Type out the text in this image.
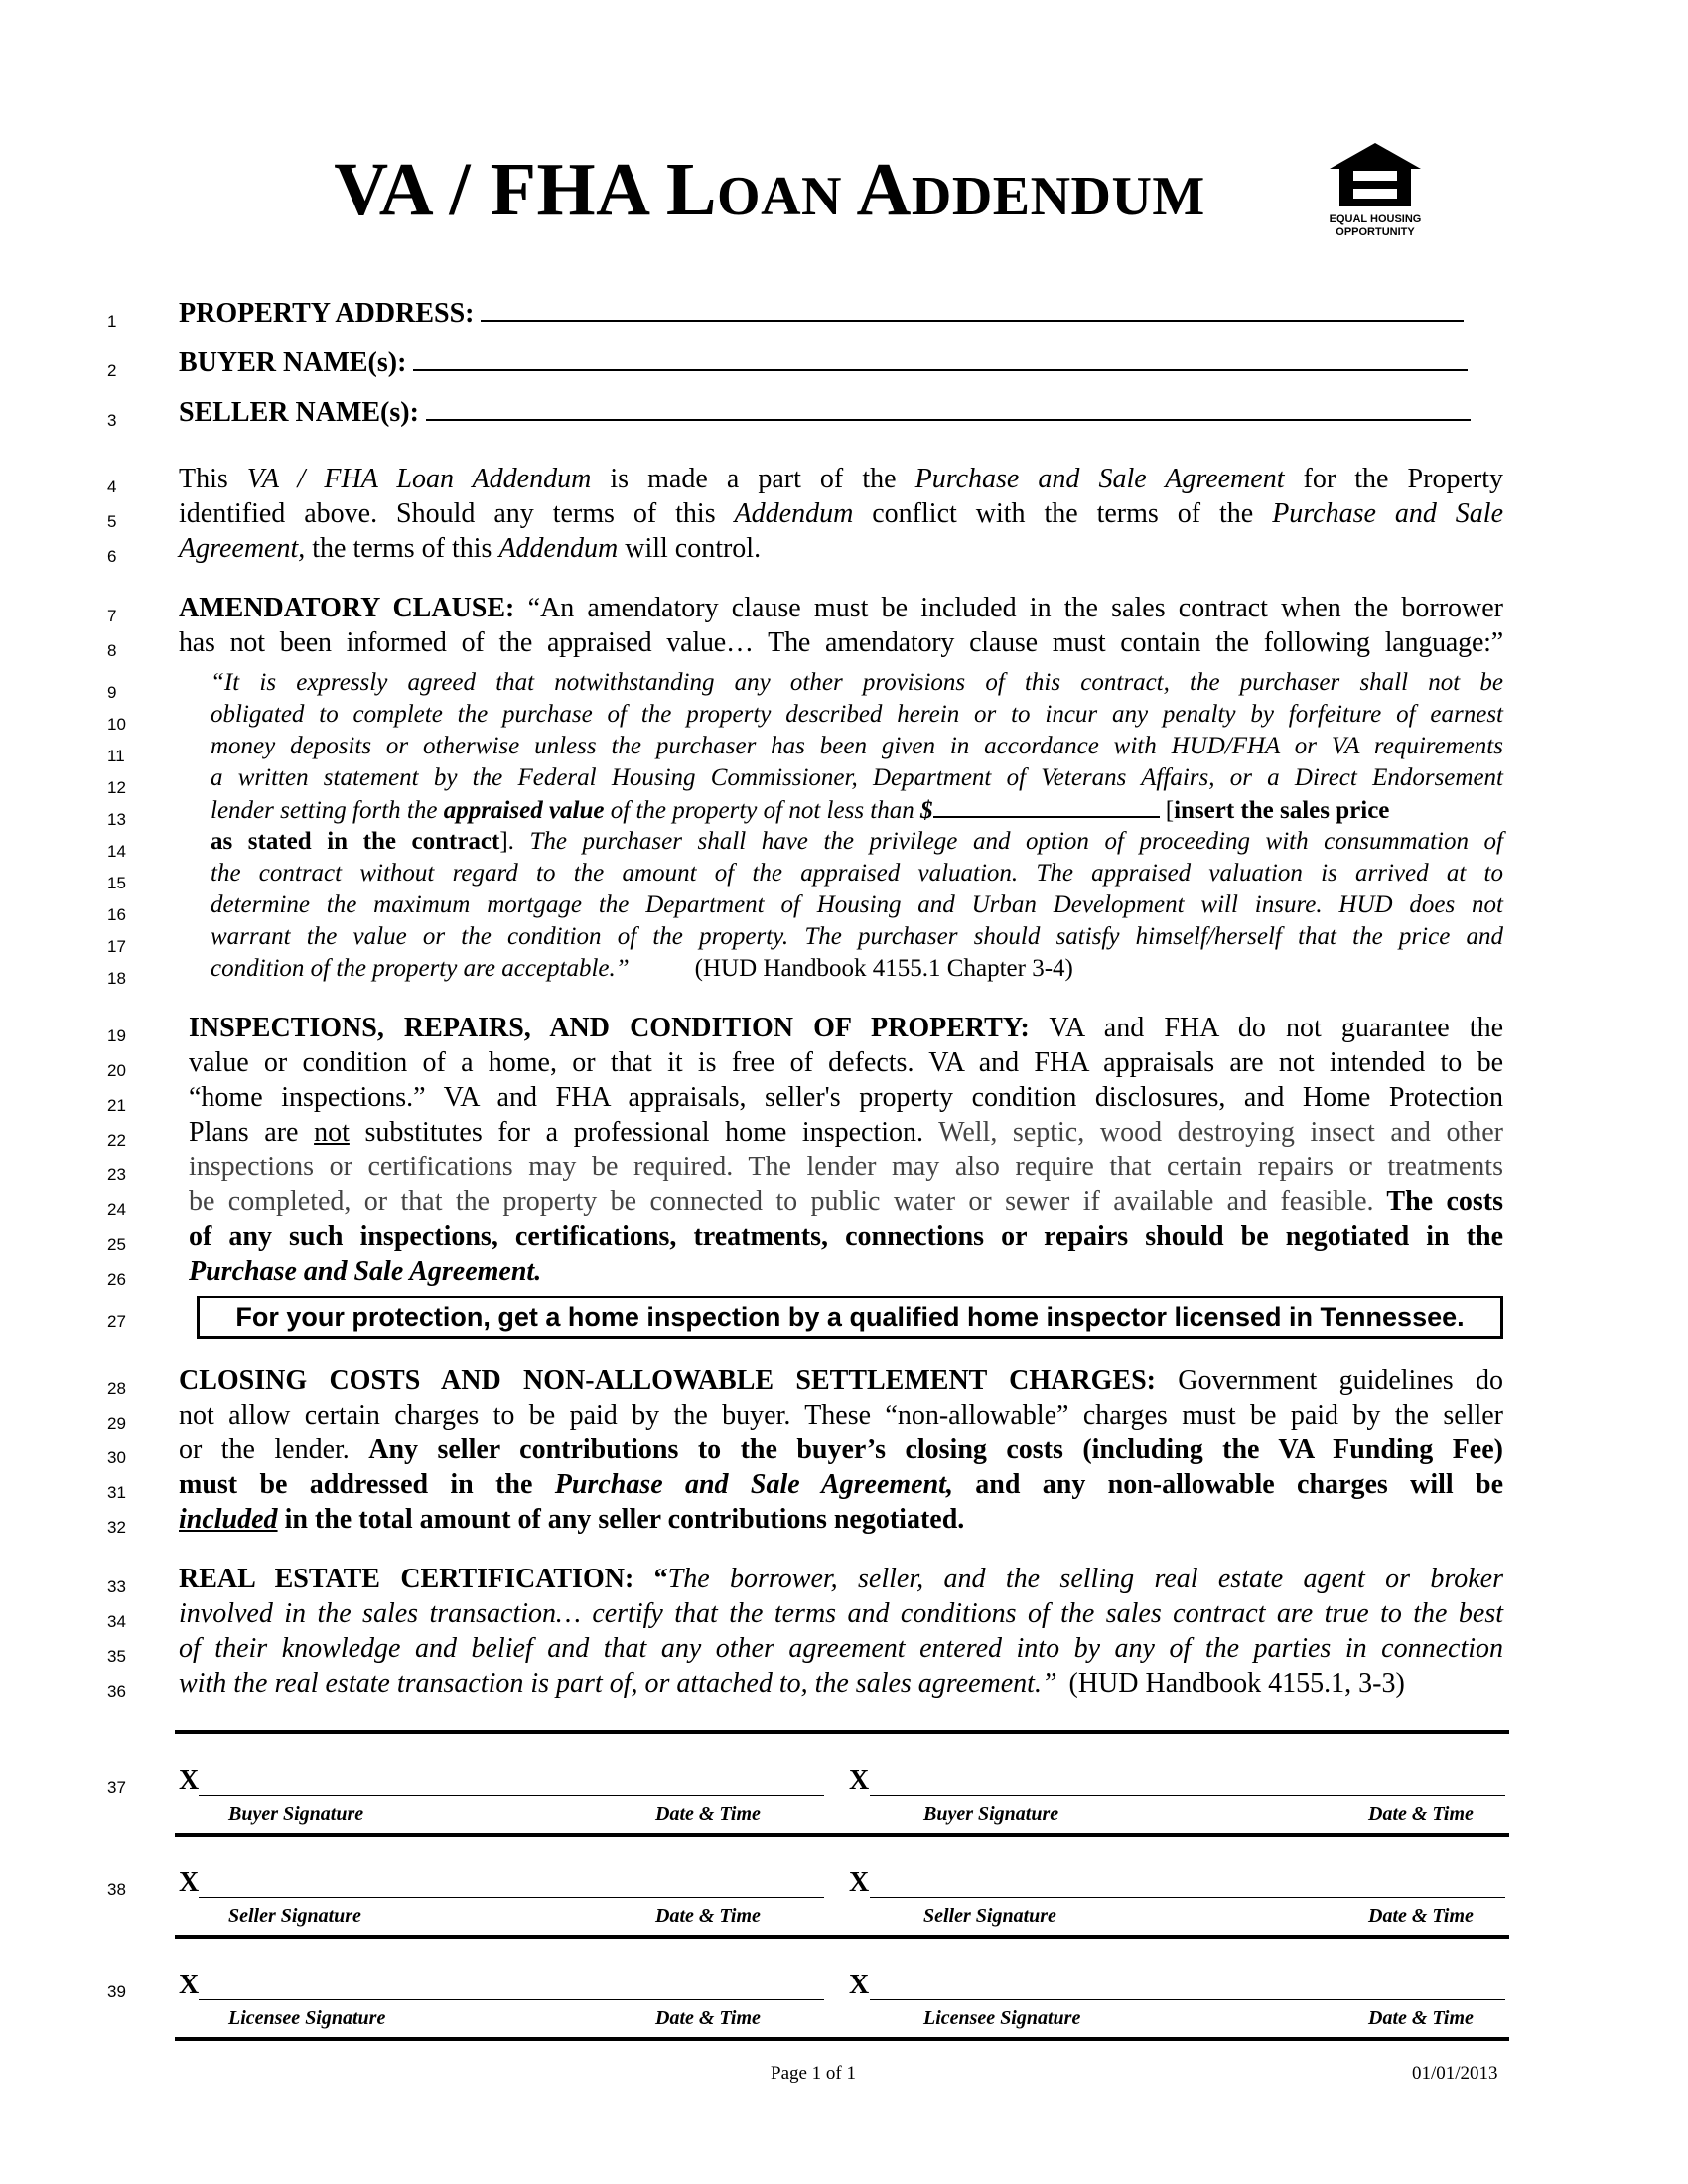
VA / FHA LOAN ADDENDUM	EQUAL HOUSING
OPPORTUNITY
1
2
3
4
5
6
7
8
9
10
11
12
13
14
15
16
17
18
19
20
21
22
23
24
25
26
27
28
29
30
31
32
33
34
35
36
37
38
39
PROPERTY ADDRESS:
BUYER NAME(s):
SELLER NAME(s):
This VA / FHA Loan Addendum is made a part of the Purchase and Sale Agreement for the Property
identified above. Should any terms of this Addendum conflict with the terms of the Purchase and Sale
Agreement, the terms of this Addendum will control.
AMENDATORY CLAUSE: “An amendatory clause must be included in the sales contract when the borrower
has not been informed of the appraised value… The amendatory clause must contain the following language:”
“It is expressly agreed that notwithstanding any other provisions of this contract, the purchaser shall not be
obligated to complete the purchase of the property described herein or to incur any penalty by forfeiture of earnest
money deposits or otherwise unless the purchaser has been given in accordance with HUD/FHA or VA requirements
a written statement by the Federal Housing Commissioner, Department of Veterans Affairs, or a Direct Endorsement
lender setting forth the appraised value of the property of not less than $	[insert the sales price
as stated in the contract]. The purchaser shall have the privilege and option of proceeding with consummation of
the contract without regard to the amount of the appraised valuation. The appraised valuation is arrived at to
determine the maximum mortgage the Department of Housing and Urban Development will insure. HUD does not
warrant the value or the condition of the property. The purchaser should satisfy himself/herself that the price and
condition of the property are acceptable.”	(HUD Handbook 4155.1 Chapter 3-4)
INSPECTIONS, REPAIRS, AND CONDITION OF PROPERTY: VA and FHA do not guarantee the
value or condition of a home, or that it is free of defects. VA and FHA appraisals are not intended to be
“home inspections.” VA and FHA appraisals, seller's property condition disclosures, and Home Protection
Plans are not substitutes for a professional home inspection. Well, septic, wood destroying insect and other
inspections or certifications may be required. The lender may also require that certain repairs or treatments
be completed, or that the property be connected to public water or sewer if available and feasible. The costs
of any such inspections, certifications, treatments, connections or repairs should be negotiated in the
Purchase and Sale Agreement.
For your protection, get a home inspection by a qualified home inspector licensed in Tennessee.
CLOSING COSTS AND NON-ALLOWABLE SETTLEMENT CHARGES: Government guidelines do
not allow certain charges to be paid by the buyer. These “non-allowable” charges must be paid by the seller
or the lender. Any seller contributions to the buyer’s closing costs (including the VA Funding Fee)
must be addressed in the Purchase and Sale Agreement, and any non-allowable charges will be
included in the total amount of any seller contributions negotiated.
REAL ESTATE CERTIFICATION: “The borrower, seller, and the selling real estate agent or broker
involved in the sales transaction… certify that the terms and conditions of the sales contract are true to the best
of their knowledge and belief and that any other agreement entered into by any of the parties in connection
with the real estate transaction is part of, or attached to, the sales agreement.” (HUD Handbook 4155.1, 3-3)
X	X
Buyer Signature	Date & Time	Buyer Signature	Date & Time
X	X
Seller Signature	Date & Time	Seller Signature	Date & Time
X	X
Licensee Signature	Date & Time	Licensee Signature	Date & Time
Page 1 of 1	01/01/2013
